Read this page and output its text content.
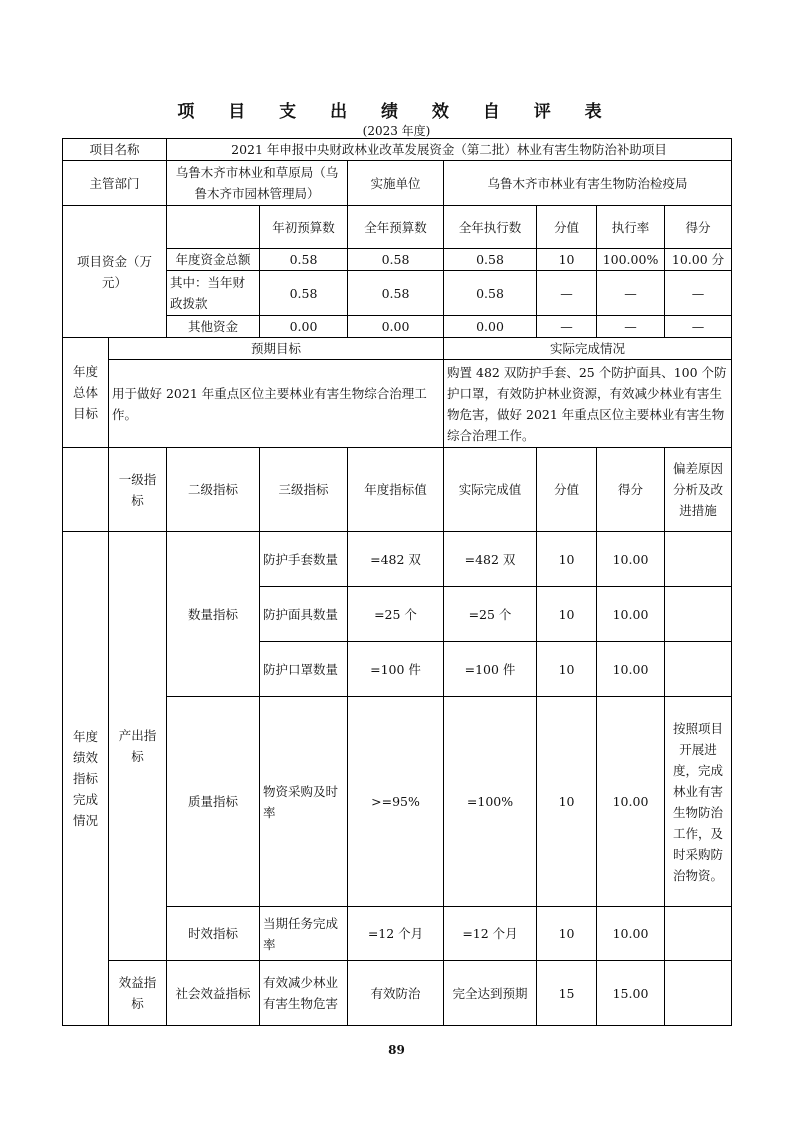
项 目 支 出 绩 效 自 评 表
(2023 年度)
项目名称		2021 年申报中央财政林业改革发展资金（第二批）林业有害生物防治补助项目						
主管部门		乌鲁木齐市林业和草原局（乌鲁木齐市园林管理局）		实施单位	乌鲁木齐市林业有害生物防治检疫局			
项目资金（万元）			年初预算数	全年预算数	全年执行数	分值	执行率	得分
		年度资金总额	0.58	0.58	0.58	10	100.00%	10.00 分
		其中：当年财政拨款	0.58	0.58	0.58	—	—	—
		其他资金	0.00	0.00	0.00	—	—	—
年度总体目标	预期目标				实际完成情况			
	用于做好 2021 年重点区位主要林业有害生物综合治理工作。				购置 482 双防护手套、25 个防护面具、100 个防护口罩，有效防护林业资源，有效减少林业有害生物危害，做好 2021 年重点区位主要林业有害生物综合治理工作。			
	一级指标	二级指标	三级指标	年度指标值	实际完成值	分值	得分	偏差原因分析及改进措施
年度绩效指标完成情况	产出指标	数量指标	防护手套数量	=482 双	=482 双	10	10.00	
			防护面具数量	=25 个	=25 个	10	10.00	
			防护口罩数量	=100 件	=100 件	10	10.00	
		质量指标	物资采购及时率	>=95%	=100%	10	10.00	按照项目开展进度，完成林业有害生物防治工作，及时采购防治物资。
		时效指标	当期任务完成率	=12 个月	=12 个月	10	10.00	
	效益指标	社会效益指标	有效减少林业有害生物危害	有效防治	完全达到预期	15	15.00	
89
